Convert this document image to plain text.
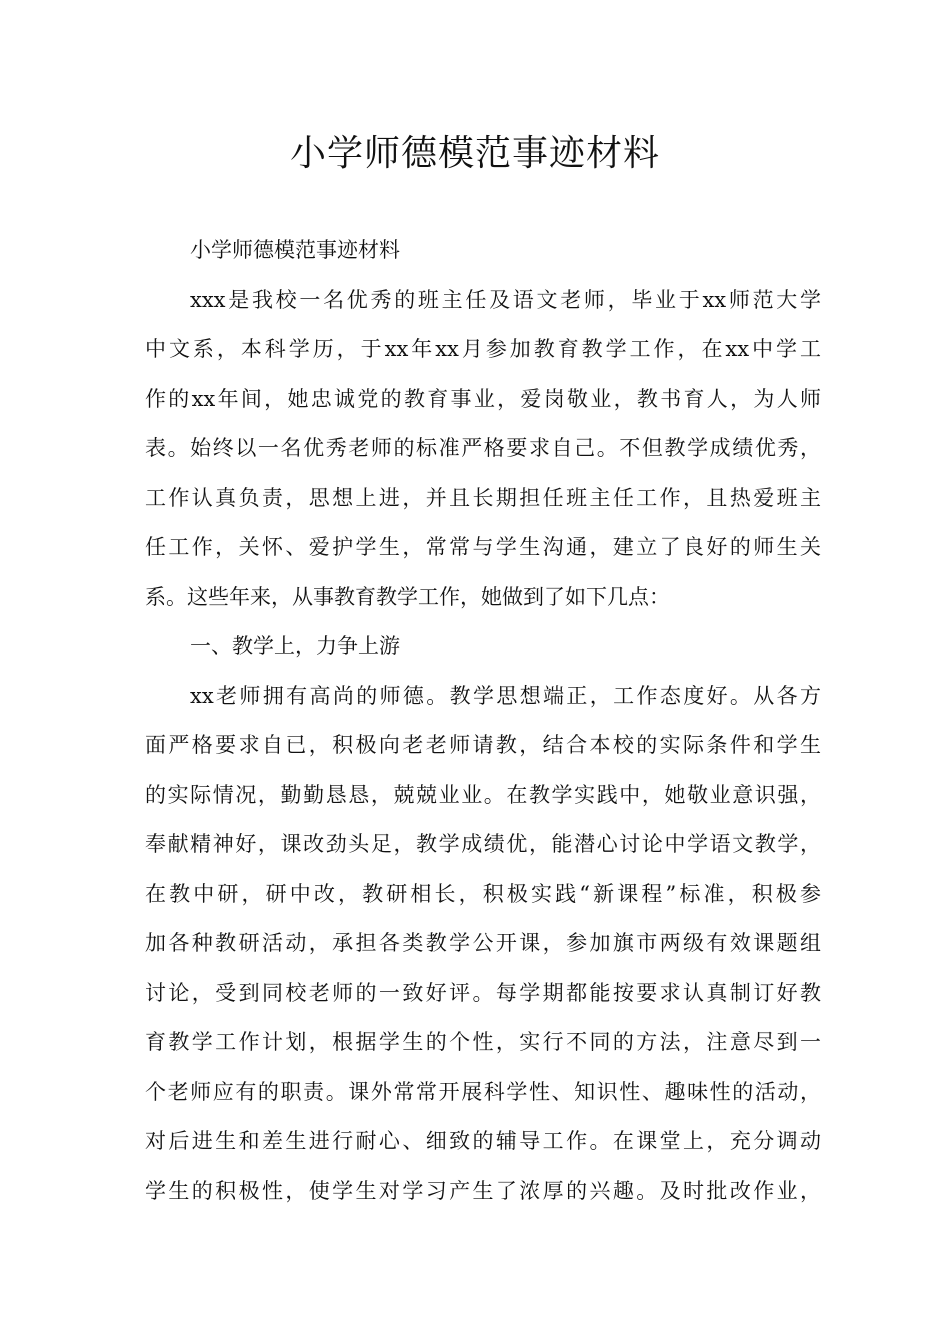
小学师德模范事迹材料
小学师德模范事迹材料
xxx是我校一名优秀的班主任及语文老师，毕业于xx师范大学
中文系，本科学历，于xx年xx月参加教育教学工作，在xx中学工
作的xx年间，她忠诚党的教育事业，爱岗敬业，教书育人，为人师
表。始终以一名优秀老师的标准严格要求自己。不但教学成绩优秀，
工作认真负责，思想上进，并且长期担任班主任工作，且热爱班主
任工作，关怀、爱护学生，常常与学生沟通，建立了良好的师生关
系。这些年来，从事教育教学工作，她做到了如下几点：
一、教学上，力争上游
xx老师拥有高尚的师德。教学思想端正，工作态度好。从各方
面严格要求自已，积极向老老师请教，结合本校的实际条件和学生
的实际情况，勤勤恳恳，兢兢业业。在教学实践中，她敬业意识强，
奉献精神好，课改劲头足，教学成绩优，能潜心讨论中学语文教学，
在教中研，研中改，教研相长，积极实践“新课程”标准，积极参
加各种教研活动，承担各类教学公开课，参加旗市两级有效课题组
讨论，受到同校老师的一致好评。每学期都能按要求认真制订好教
育教学工作计划，根据学生的个性，实行不同的方法，注意尽到一
个老师应有的职责。课外常常开展科学性、知识性、趣味性的活动，
对后进生和差生进行耐心、细致的辅导工作。在课堂上，充分调动
学生的积极性，使学生对学习产生了浓厚的兴趣。及时批改作业，
